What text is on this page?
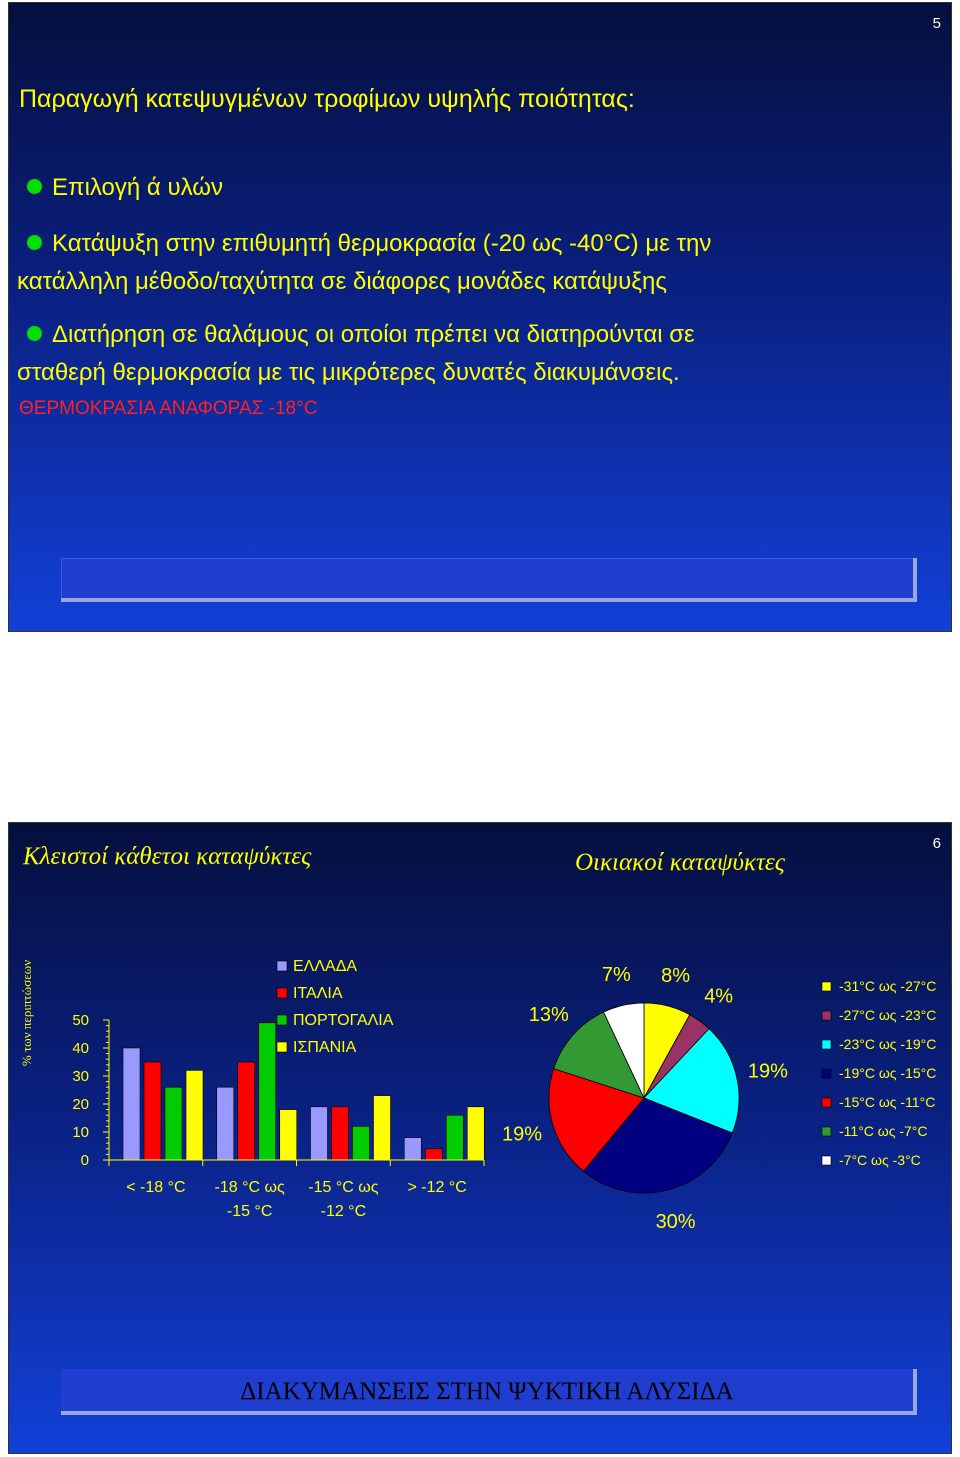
5
Παραγωγή κατεψυγμένων τροφίμων υψηλής ποιότητας:
Επιλογή ά υλών
Κατάψυξη στην επιθυμητή θερμοκρασία (-20 ως -40°C) με την
κατάλληλη μέθοδο/ταχύτητα σε διάφορες μονάδες κατάψυξης
Διατήρηση σε θαλάμους οι οποίοι πρέπει να διατηρούνται σε
σταθερή θερμοκρασία με τις μικρότερες δυνατές διακυμάνσεις.
ΘΕΡΜΟΚΡΑΣΙΑ ΑΝΑΦΟΡΑΣ -18°C
6
Κλειστοί κάθετοι καταψύκτες	Οικιακοί καταψύκτες
% των περιπτώσεων	50
40
30
20
10
0
< -18 °C -18 °C ως
-15 °C
-15 °C ως
-12 °C
> -12 °C
ΕΛΛΑΔΑ
ΙΤΑΛΙΑ
ΠΟΡΤΟΓΑΛΙΑ
ΙΣΠΑΝΙΑ
8%
4%
19%
30%
19%
13%
7%	-31°C ως -27°C
-27°C ως -23°C
-23°C ως -19°C
-19°C ως -15°C
-15°C ως -11°C
-11°C ως -7°C
-7°C ως -3°C
ΔΙΑΚΥΜΑΝΣΕΙΣ ΣΤΗΝ ΨΥΚΤΙΚΗ ΑΛΥΣΙΔΑ
